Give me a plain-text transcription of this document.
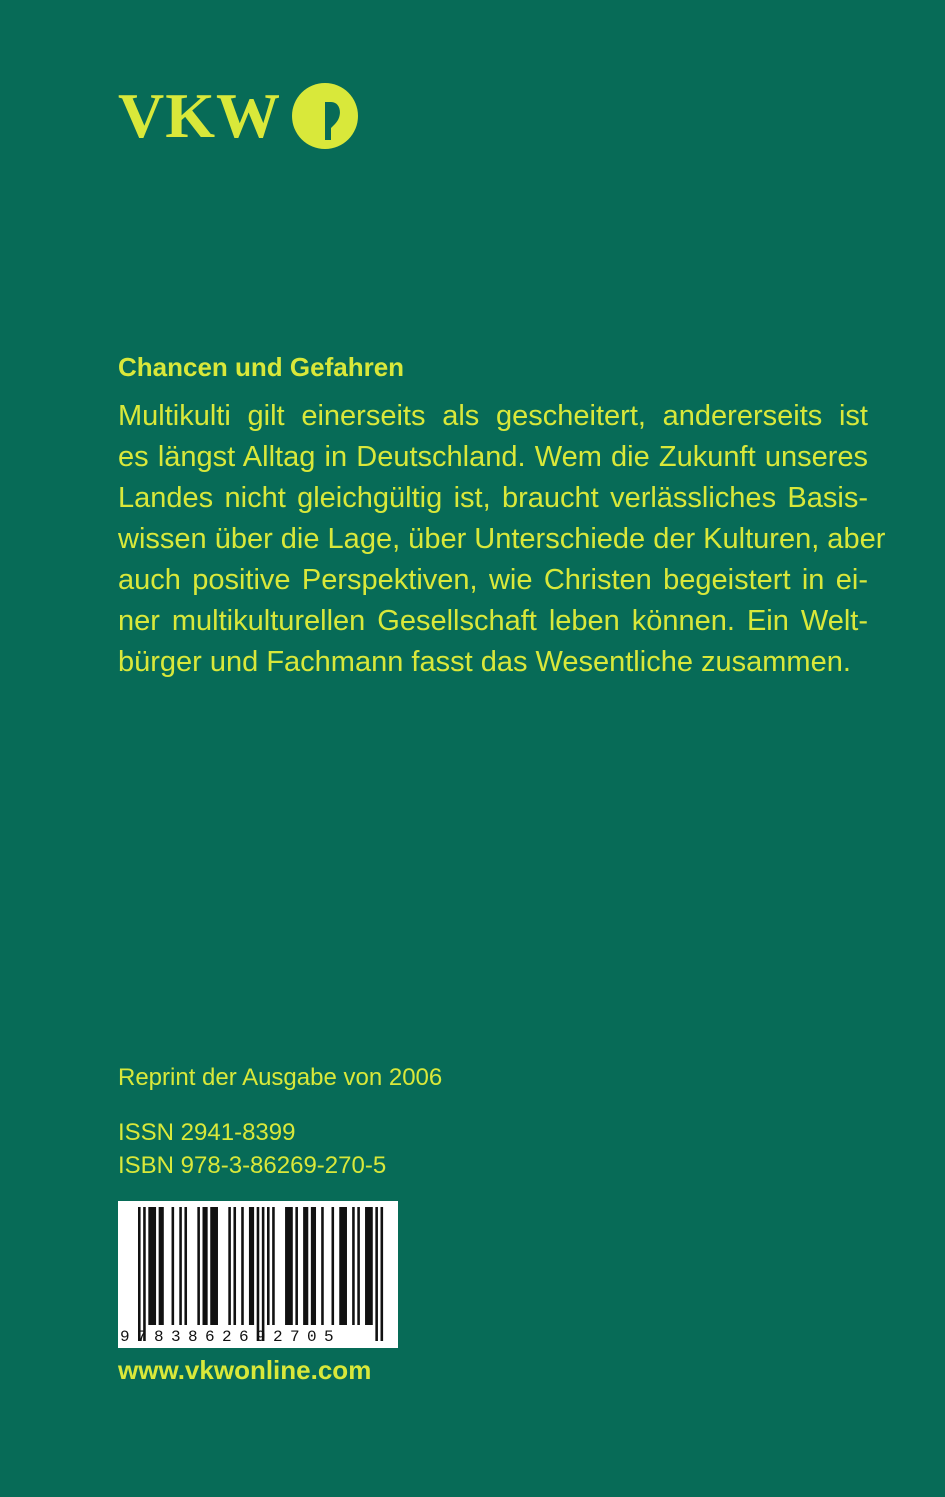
VKW
Chancen und Gefahren
Multikulti gilt einerseits als gescheitert, andererseits ist
es längst Alltag in Deutschland. Wem die Zukunft unseres
Landes nicht gleichgültig ist, braucht verlässliches Basis-
wissen über die Lage, über Unterschiede der Kulturen, aber
auch positive Perspektiven, wie Christen begeistert in ei-
ner multikulturellen Gesellschaft leben können. Ein Welt-
bürger und Fachmann fasst das Wesentliche zusammen.
Reprint der Ausgabe von 2006
ISSN 2941-8399
ISBN 978-3-86269-270-5
9783862692705
www.vkwonline.com
